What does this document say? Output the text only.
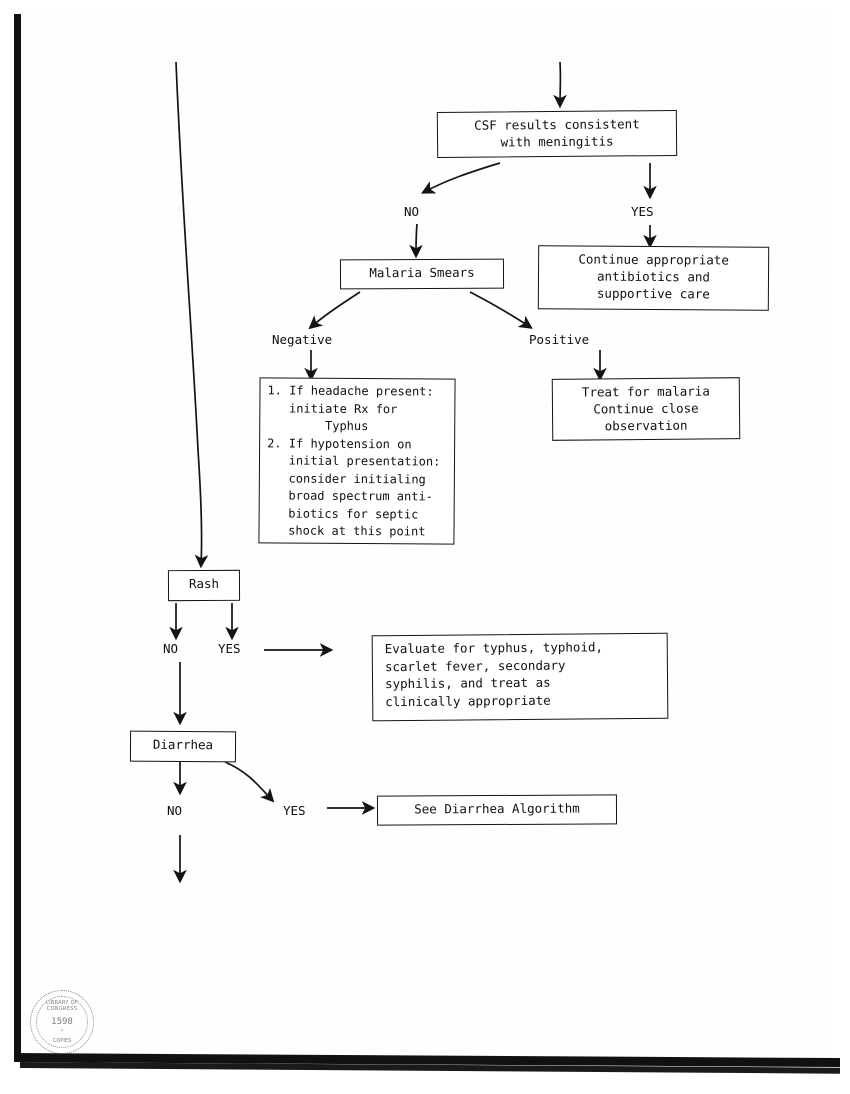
CSF results consistent
with meningitis
Continue appropriate
antibiotics and
supportive care
Malaria Smears
Treat for malaria
Continue close
observation
1. If headache present:
initiate Rx for
Typhus
2. If hypotension on
initial presentation:
consider initialing
broad spectrum anti-
biotics for septic
shock at this point
Rash
Evaluate for typhus, typhoid,
scarlet fever, secondary
syphilis, and treat as
clinically appropriate
Diarrhea
See Diarrhea Algorithm
NO	YES
Negative	Positive
NO	YES
NO	YES
LIBRARY OF CONGRESS
1598
*
COPIES
